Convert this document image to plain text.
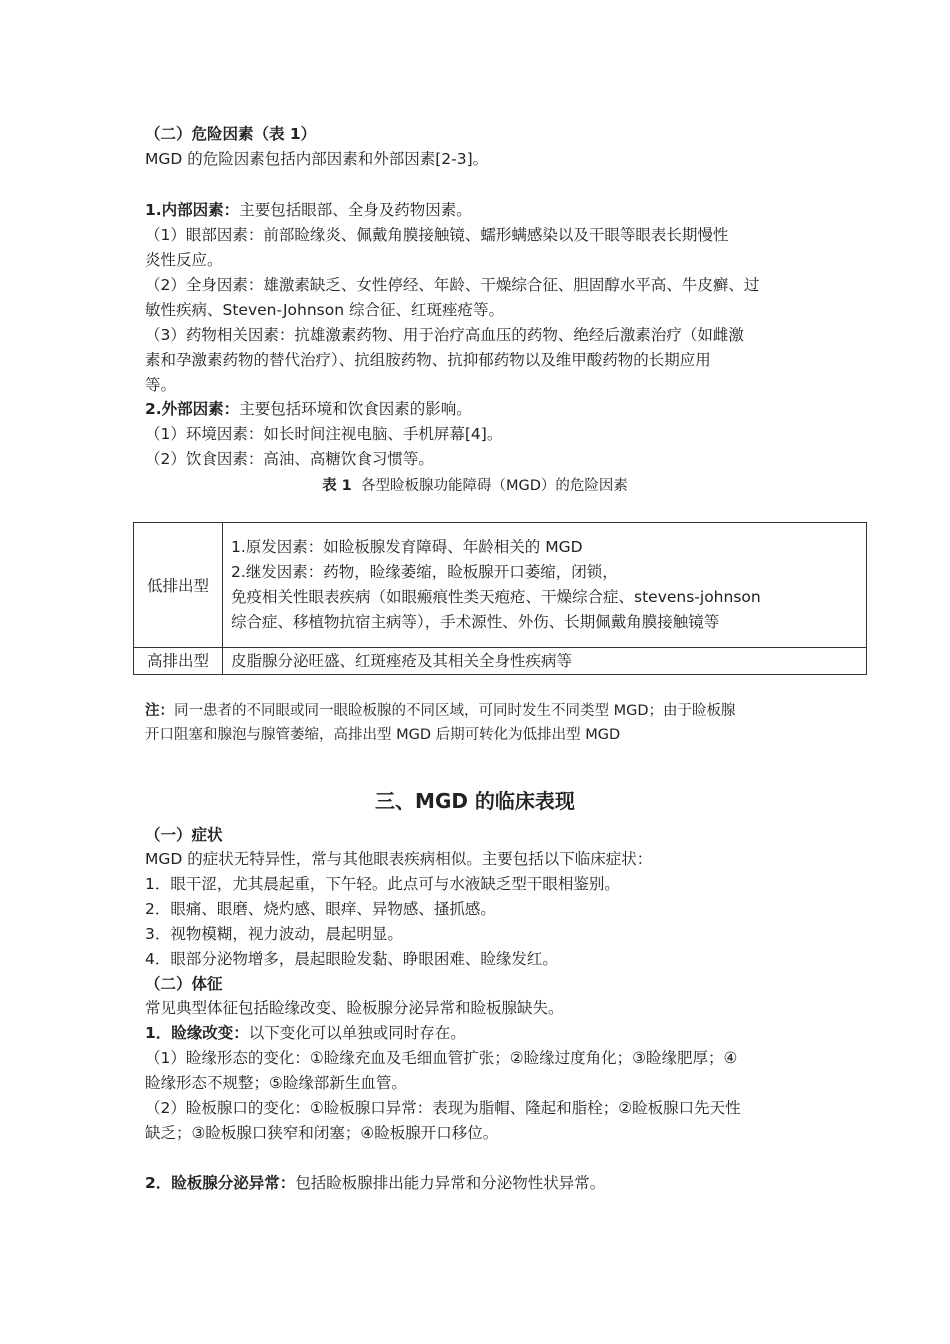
（二）危险因素（表 1）
MGD 的危险因素包括内部因素和外部因素[2-3]。
1.内部因素：主要包括眼部、全身及药物因素。
（1）眼部因素：前部睑缘炎、佩戴角膜接触镜、蠕形螨感染以及干眼等眼表长期慢性
炎性反应。
（2）全身因素：雄激素缺乏、女性停经、年龄、干燥综合征、胆固醇水平高、牛皮癣、过
敏性疾病、Steven-Johnson 综合征、红斑痤疮等。
（3）药物相关因素：抗雄激素药物、用于治疗高血压的药物、绝经后激素治疗（如雌激
素和孕激素药物的替代治疗）、抗组胺药物、抗抑郁药物以及维甲酸药物的长期应用
等。
2.外部因素：主要包括环境和饮食因素的影响。
（1）环境因素：如长时间注视电脑、手机屏幕[4]。
（2）饮食因素：高油、高糖饮食习惯等。
表 1 各型睑板腺功能障碍（MGD）的危险因素
低排出型	1.原发因素：如睑板腺发育障碍、年龄相关的 MGD
2.继发因素：药物，睑缘萎缩，睑板腺开口萎缩，闭锁，
免疫相关性眼表疾病（如眼瘢痕性类天疱疮、干燥综合症、stevens-johnson
综合症、移植物抗宿主病等），手术源性、外伤、长期佩戴角膜接触镜等

高排出型	皮脂腺分泌旺盛、红斑痤疮及其相关全身性疾病等
注：同一患者的不同眼或同一眼睑板腺的不同区域，可同时发生不同类型 MGD；由于睑板腺
开口阻塞和腺泡与腺管萎缩，高排出型 MGD 后期可转化为低排出型 MGD
三、MGD 的临床表现
（一）症状
MGD 的症状无特异性，常与其他眼表疾病相似。主要包括以下临床症状：
1．眼干涩，尤其晨起重，下午轻。此点可与水液缺乏型干眼相鉴别。
2．眼痛、眼磨、烧灼感、眼痒、异物感、搔抓感。
3．视物模糊，视力波动，晨起明显。
4．眼部分泌物增多，晨起眼睑发黏、睁眼困难、睑缘发红。
（二）体征
常见典型体征包括睑缘改变、睑板腺分泌异常和睑板腺缺失。
1．睑缘改变：以下变化可以单独或同时存在。
（1）睑缘形态的变化：①睑缘充血及毛细血管扩张；②睑缘过度角化；③睑缘肥厚；④
睑缘形态不规整；⑤睑缘部新生血管。
（2）睑板腺口的变化：①睑板腺口异常：表现为脂帽、隆起和脂栓；②睑板腺口先天性
缺乏；③睑板腺口狭窄和闭塞；④睑板腺开口移位。
2．睑板腺分泌异常：包括睑板腺排出能力异常和分泌物性状异常。
